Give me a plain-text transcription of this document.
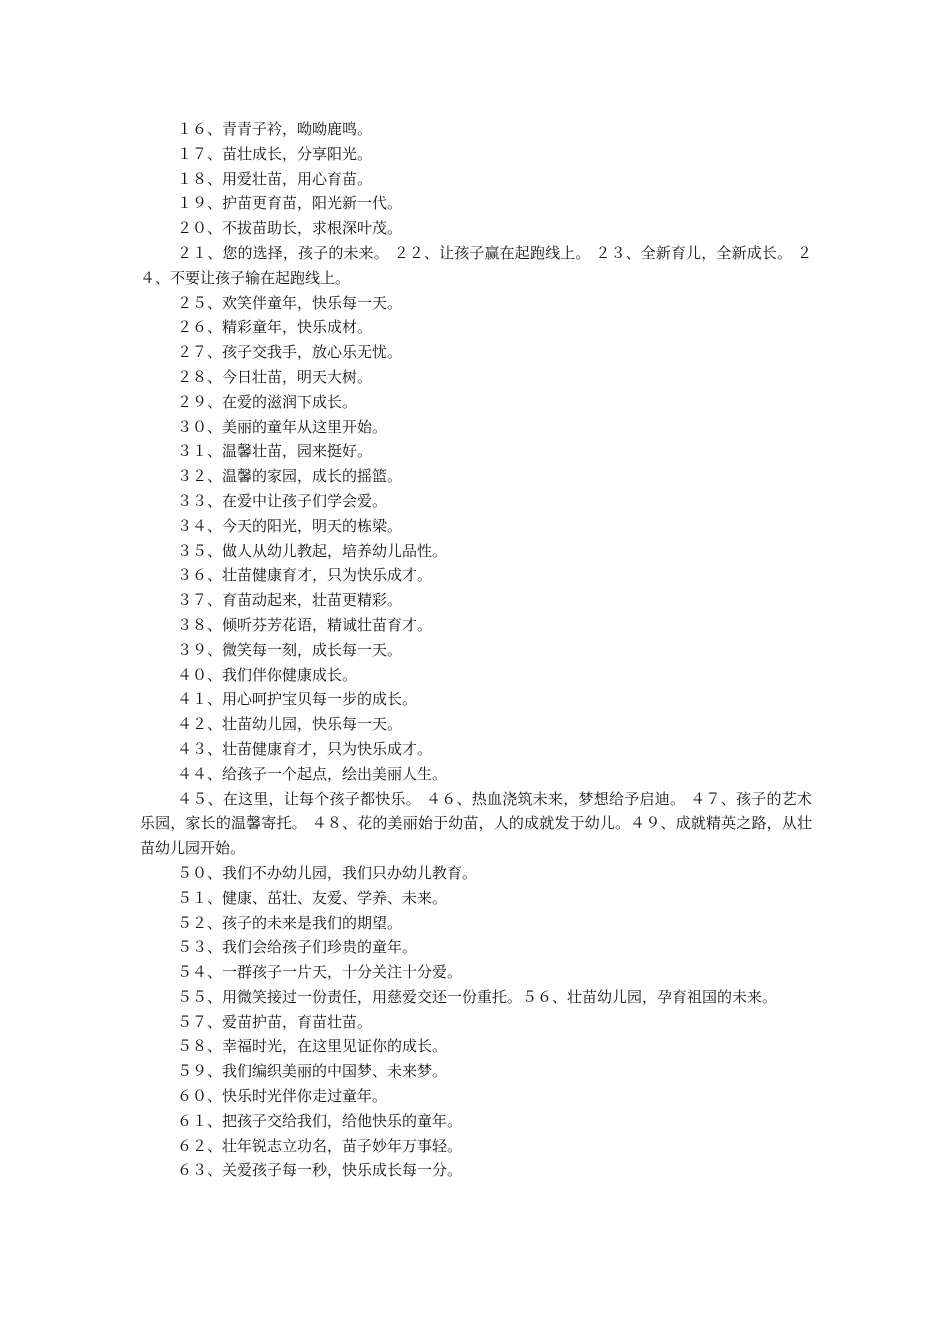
１６、青青子衿，呦呦鹿鸣。

１７、苗壮成长，分享阳光。

１８、用爱壮苗，用心育苗。

１９、护苗更育苗，阳光新一代。

２０、不拔苗助长，求根深叶茂。

２１、您的选择，孩子的未来。 ２２、让孩子赢在起跑线上。 ２３、全新育儿，全新成长。 ２４、不要让孩子输在起跑线上。

２５、欢笑伴童年，快乐每一天。

２６、精彩童年，快乐成材。

２７、孩子交我手，放心乐无忧。

２８、今日壮苗，明天大树。

２９、在爱的滋润下成长。

３０、美丽的童年从这里开始。

３１、温馨壮苗，园来挺好。

３２、温馨的家园，成长的摇篮。

３３、在爱中让孩子们学会爱。

３４、今天的阳光，明天的栋梁。

３５、做人从幼儿教起，培养幼儿品性。

３６、壮苗健康育才，只为快乐成才。

３７、育苗动起来，壮苗更精彩。

３８、倾听芬芳花语，精诚壮苗育才。

３９、微笑每一刻，成长每一天。

４０、我们伴你健康成长。

４１、用心呵护宝贝每一步的成长。

４２、壮苗幼儿园，快乐每一天。

４３、壮苗健康育才，只为快乐成才。

４４、给孩子一个起点，绘出美丽人生。

４５、在这里，让每个孩子都快乐。 ４６、热血浇筑未来，梦想给予启迪。 ４７、孩子的艺术乐园，家长的温馨寄托。 ４８、花的美丽始于幼苗，人的成就发于幼儿。４９、成就精英之路，从壮苗幼儿园开始。

５０、我们不办幼儿园，我们只办幼儿教育。

５１、健康、茁壮、友爱、学养、未来。

５２、孩子的未来是我们的期望。

５３、我们会给孩子们珍贵的童年。

５４、一群孩子一片天，十分关注十分爱。

５５、用微笑接过一份责任，用慈爱交还一份重托。５６、壮苗幼儿园，孕育祖国的未来。

５７、爱苗护苗，育苗壮苗。

５８、幸福时光，在这里见证你的成长。

５９、我们编织美丽的中国梦、未来梦。

６０、快乐时光伴你走过童年。

６１、把孩子交给我们，给他快乐的童年。

６２、壮年锐志立功名，苗子妙年万事轻。

６３、关爱孩子每一秒，快乐成长每一分。
